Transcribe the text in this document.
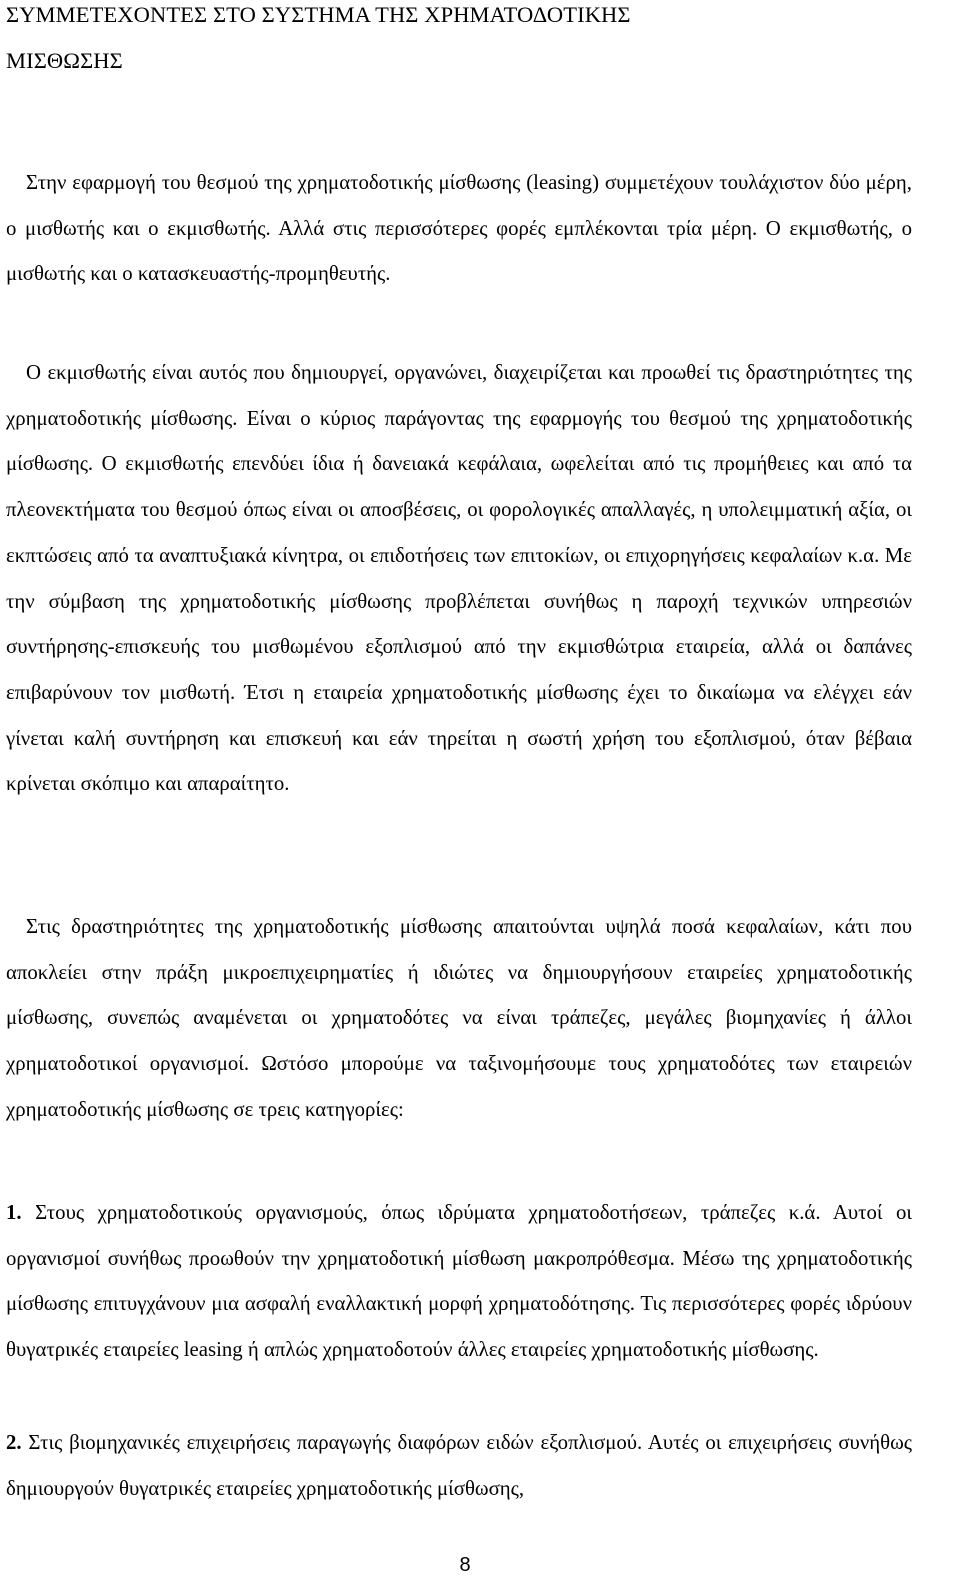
ΣΥΜΜΕΤΕΧΟΝΤΕΣ ΣΤΟ ΣΥΣΤΗΜΑ ΤΗΣ ΧΡΗΜΑΤΟΔΟΤΙΚΗΣ
ΜΙΣΘΩΣΗΣ

Στην εφαρμογή του θεσμού της χρηματοδοτικής μίσθωσης (leasing) συμμετέχουν τουλάχιστον δύο μέρη, ο μισθωτής και ο εκμισθωτής. Αλλά στις περισσότερες φορές εμπλέκονται τρία μέρη. Ο εκμισθωτής, ο μισθωτής και ο κατασκευαστής-προμηθευτής.

Ο εκμισθωτής είναι αυτός που δημιουργεί, οργανώνει, διαχειρίζεται και προωθεί τις δραστηριότητες της χρηματοδοτικής μίσθωσης. Είναι ο κύριος παράγοντας της εφαρμογής του θεσμού της χρηματοδοτικής μίσθωσης. Ο εκμισθωτής επενδύει ίδια ή δανειακά κεφάλαια, ωφελείται από τις προμήθειες και από τα πλεονεκτήματα του θεσμού όπως είναι οι αποσβέσεις, οι φορολογικές απαλλαγές, η υπολειμματική αξία, οι εκπτώσεις από τα αναπτυξιακά κίνητρα, οι επιδοτήσεις των επιτοκίων, οι επιχορηγήσεις κεφαλαίων κ.α. Με την σύμβαση της χρηματοδοτικής μίσθωσης προβλέπεται συνήθως η παροχή τεχνικών υπηρεσιών συντήρησης-επισκευής του μισθωμένου εξοπλισμού από την εκμισθώτρια εταιρεία, αλλά οι δαπάνες επιβαρύνουν τον μισθωτή. Έτσι η εταιρεία χρηματοδοτικής μίσθωσης έχει το δικαίωμα να ελέγχει εάν γίνεται καλή συντήρηση και επισκευή και εάν τηρείται η σωστή χρήση του εξοπλισμού, όταν βέβαια κρίνεται σκόπιμο και απαραίτητο.

Στις δραστηριότητες της χρηματοδοτικής μίσθωσης απαιτούνται υψηλά ποσά κεφαλαίων, κάτι που αποκλείει στην πράξη μικροεπιχειρηματίες ή ιδιώτες να δημιουργήσουν εταιρείες χρηματοδοτικής μίσθωσης, συνεπώς αναμένεται οι χρηματοδότες να είναι τράπεζες, μεγάλες βιομηχανίες ή άλλοι χρηματοδοτικοί οργανισμοί. Ωστόσο μπορούμε να ταξινομήσουμε τους χρηματοδότες των εταιρειών χρηματοδοτικής μίσθωσης σε τρεις κατηγορίες:

1. Στους χρηματοδοτικούς οργανισμούς, όπως ιδρύματα χρηματοδοτήσεων, τράπεζες κ.ά. Αυτοί οι οργανισμοί συνήθως προωθούν την χρηματοδοτική μίσθωση μακροπρόθεσμα. Μέσω της χρηματοδοτικής μίσθωσης επιτυγχάνουν μια ασφαλή εναλλακτική μορφή χρηματοδότησης. Τις περισσότερες φορές ιδρύουν θυγατρικές εταιρείες leasing ή απλώς χρηματοδοτούν άλλες εταιρείες χρηματοδοτικής μίσθωσης.

2. Στις βιομηχανικές επιχειρήσεις παραγωγής διαφόρων ειδών εξοπλισμού. Αυτές οι επιχειρήσεις συνήθως δημιουργούν θυγατρικές εταιρείες χρηματοδοτικής μίσθωσης,

8
